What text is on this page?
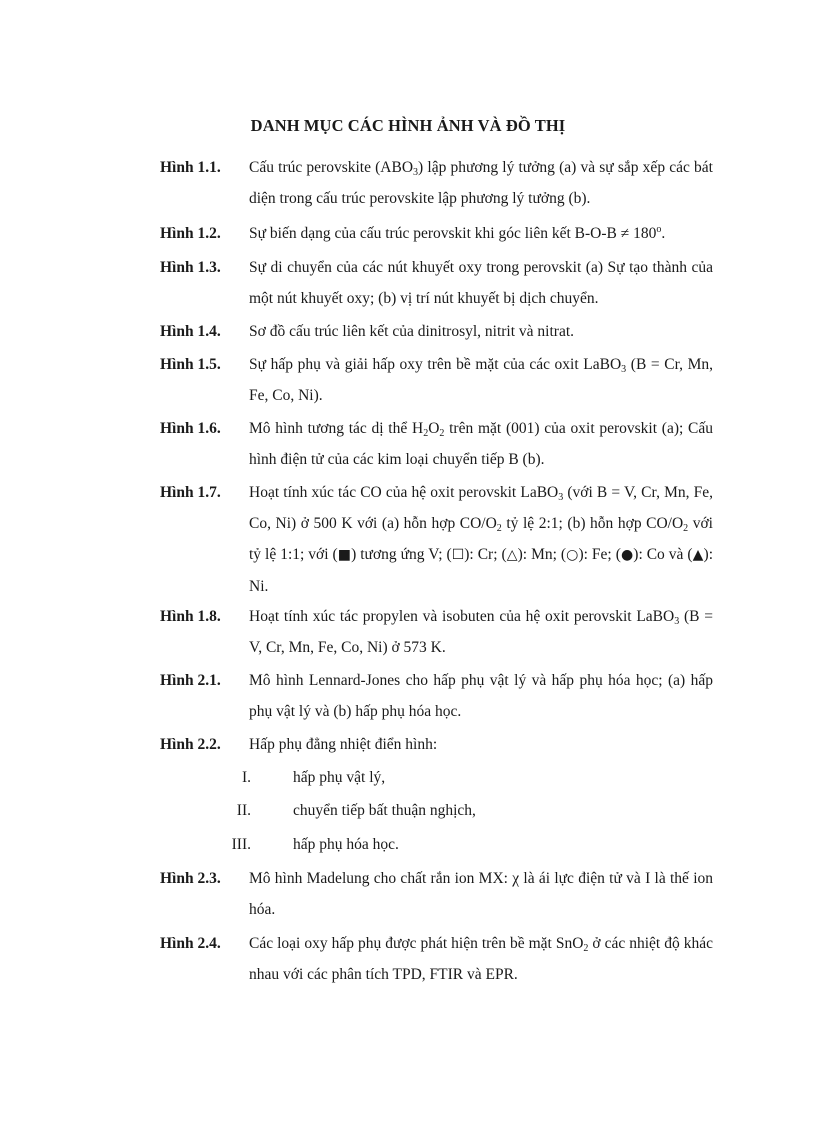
DANH MỤC CÁC HÌNH ẢNH VÀ ĐỒ THỊ
Hình 1.1. Cấu trúc perovskite $(ABO_3)$ lập phương lý tưởng (a) và sự sắp xếp các bát diện trong cấu trúc perovskite lập phương lý tưởng (b).
Hình 1.2. Sự biến dạng của cấu trúc perovskit khi góc liên kết $B-O-B \ne 180^o$.
Hình 1.3. Sự di chuyển của các nút khuyết oxy trong perovskit (a) Sự tạo thành của một nút khuyết oxy; (b) vị trí nút khuyết bị dịch chuyển.
Hình 1.4. Sơ đồ cấu trúc liên kết của dinitrosyl, nitrit và nitrat.
Hình 1.5. Sự hấp phụ và giải hấp oxy trên bề mặt của các oxit LaBO$_3$ (B = Cr, Mn, Fe, Co, Ni).
Hình 1.6. Mô hình tương tác dị thể $H_2O_2$ trên mặt (001) của oxit perovskit (a); Cấu hình điện tử của các kim loại chuyển tiếp B (b).
Hình 1.7. Hoạt tính xúc tác CO của hệ oxit perovskit LaBO$_3$ (với B = V, Cr, Mn, Fe, Co, Ni) ở 500 K với (a) hỗn hợp $CO/O_2$ tỷ lệ 2:1; (b) hỗn hợp $CO/O_2$ với tỷ lệ 1:1; với (■) tương ứng V; (☐): Cr; (△): Mn; (○): Fe; (●): Co và (▲): Ni.
Hình 1.8. Hoạt tính xúc tác propylen và isobuten của hệ oxit perovskit LaBO$_3$ (B = V, Cr, Mn, Fe, Co, Ni) ở 573 K.
Hình 2.1. Mô hình Lennard-Jones cho hấp phụ vật lý và hấp phụ hóa học; (a) hấp phụ vật lý và (b) hấp phụ hóa học.
Hình 2.2. Hấp phụ đẳng nhiệt điển hình:
I.	hấp phụ vật lý,
II.	chuyển tiếp bất thuận nghịch,
III.	hấp phụ hóa học.
Hình 2.3. Mô hình Madelung cho chất rắn ion MX: χ là ái lực điện tử và I là thế ion hóa.
Hình 2.4. Các loại oxy hấp phụ được phát hiện trên bề mặt SnO$_2$ ở các nhiệt độ khác nhau với các phân tích TPD, FTIR và EPR.
